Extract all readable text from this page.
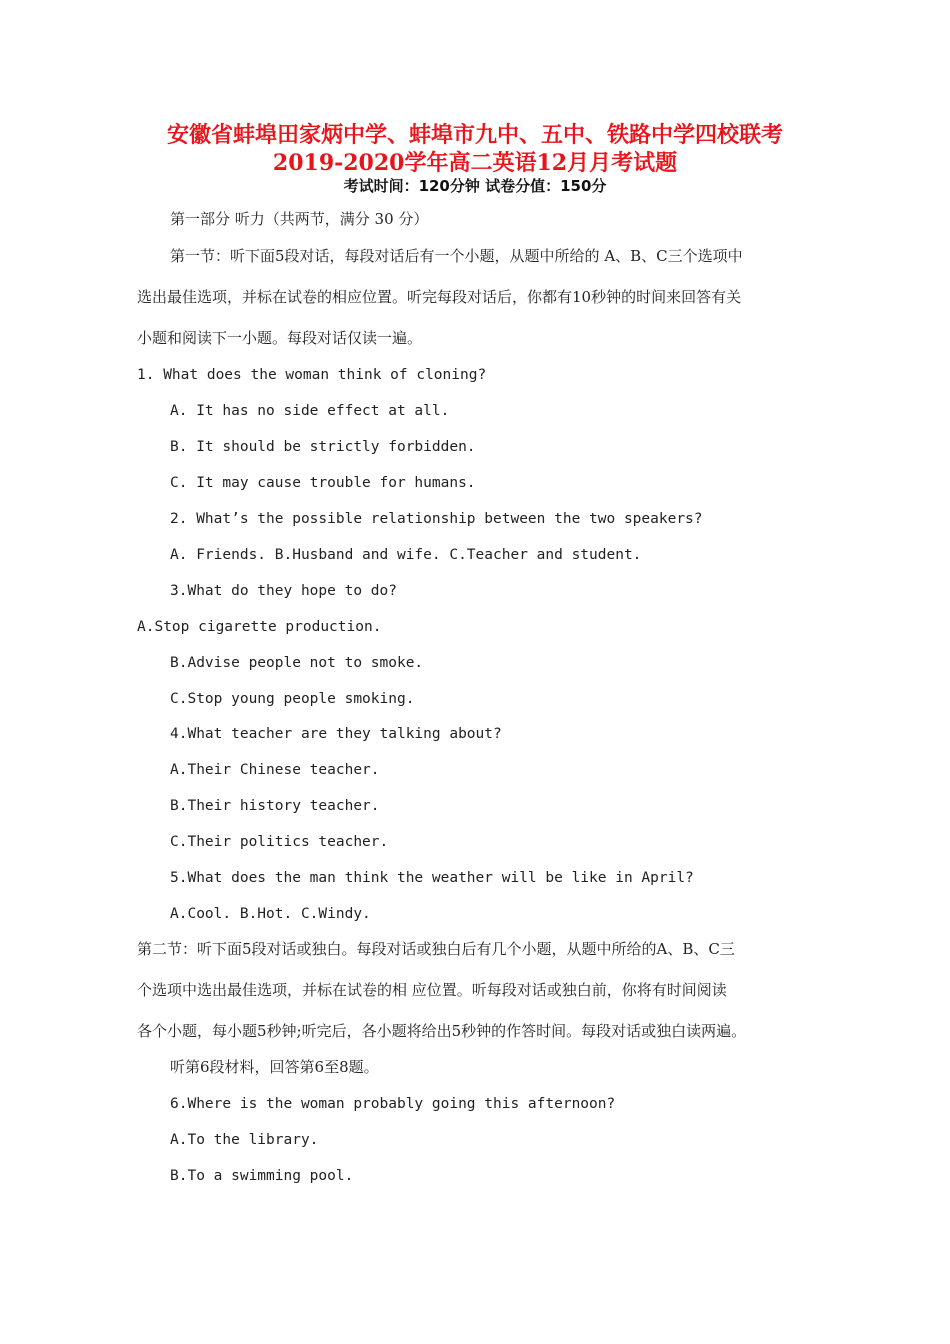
安徽省蚌埠田家炳中学、蚌埠市九中、五中、铁路中学四校联考
2019-2020学年高二英语12月月考试题
考试时间：120分钟 试卷分值：150分
第一部分 听力（共两节，满分 30 分）
第一节：听下面5段对话，每段对话后有一个小题，从题中所给的 A、B、C三个选项中
选出最佳选项，并标在试卷的相应位置。听完每段对话后，你都有10秒钟的时间来回答有关
小题和阅读下一小题。每段对话仅读一遍。
1. What does the woman think of cloning?
A. It has no side effect at all.
B. It should be strictly forbidden.
C. It may cause trouble for humans.
2. What’s the possible relationship between the two speakers?
A. Friends. B.Husband and wife. C.Teacher and student.
3.What do they hope to do?
A.Stop cigarette production.
B.Advise people not to smoke.
C.Stop young people smoking.
4.What teacher are they talking about?
A.Their Chinese teacher.
B.Their history teacher.
C.Their politics teacher.
5.What does the man think the weather will be like in April?
A.Cool. B.Hot. C.Windy.
第二节：听下面5段对话或独白。每段对话或独白后有几个小题，从题中所给的A、B、C三
个选项中选出最佳选项，并标在试卷的相 应位置。听每段对话或独白前，你将有时间阅读
各个小题，每小题5秒钟;听完后，各小题将给出5秒钟的作答时间。每段对话或独白读两遍。
听第6段材料，回答第6至8题。
6.Where is the woman probably going this afternoon?
A.To the library.
B.To a swimming pool.
